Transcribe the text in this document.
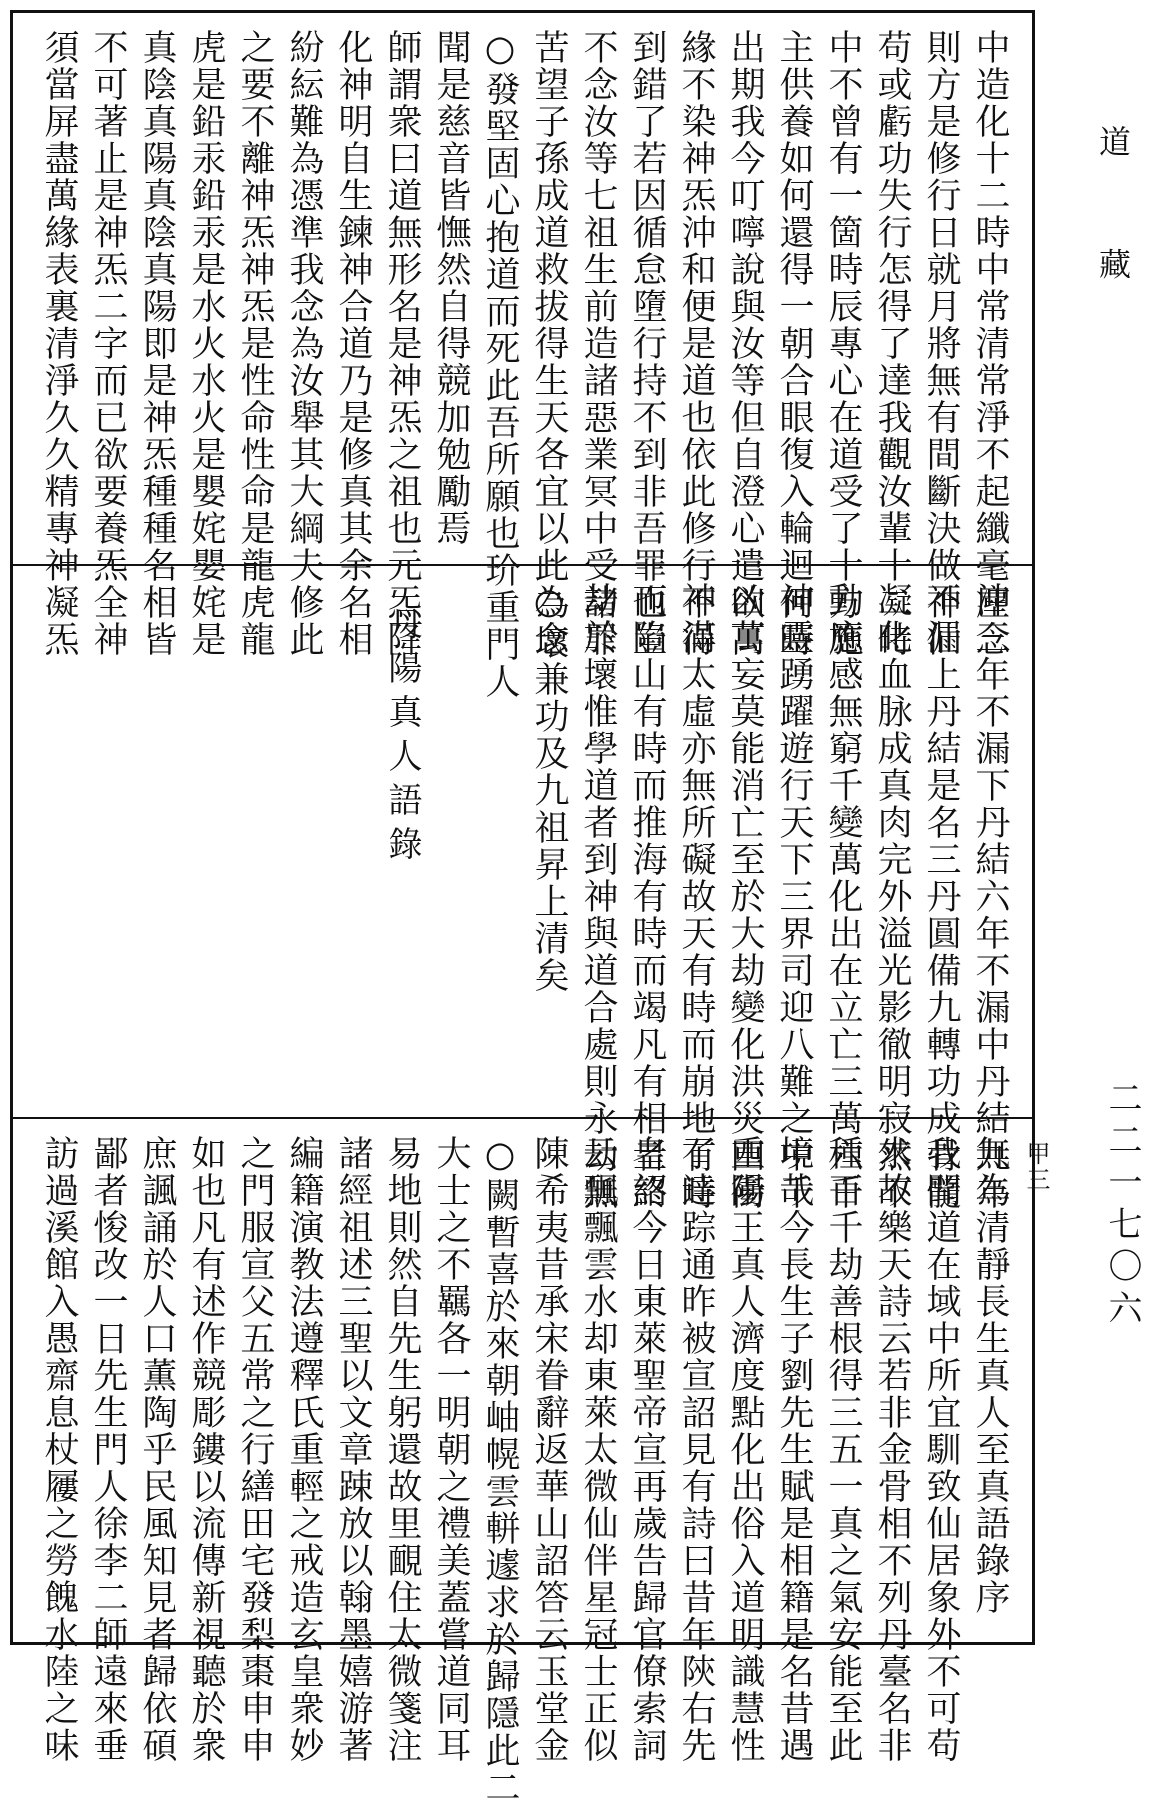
中造化十二時中常清常淨不起纖毫塵念
則方是修行日就月將無有間斷決做神仙
苟或虧功失行怎得了達我觀汝輩十二時
中不曾有一箇時辰專心在道受了十方施
主供養如何還得一朝合眼復入輪迴何時
出期我今叮嚀說與汝等但自澄心遣欲萬
緣不染神炁沖和便是道也依此修行不得
到錯了若因循怠墮行持不到非吾罪也豈
不念汝等七祖生前造諸惡業冥中受諸罪
苦望子孫成道救拔得生天各宜以此為念
○發堅固心抱道而死此吾所願也玠重門人
聞是慈音皆憮然自得競加勉勵焉
師謂衆曰道無形名是神炁之祖也元炁降
化神明自生鍊神合道乃是修真其余名相
紛紜難為憑準我念為汝舉其大綱夫修此
之要不離神炁神炁是性命性命是龍虎龍
虎是鉛汞鉛汞是水火水火是嬰姹嬰姹是
真陰真陽真陰真陽即是神炁種種名相皆
不可著止是神炁二字而已欲要養炁全神
須當屏盡萬緣表裏清淨久久精專神凝炁
沖三年不漏下丹結六年不漏中丹結九年
不漏上丹結是名三丹圓備九轉功成骨髓
凝化血脉成真肉完外溢光影徹明寂然不
動應感無窮千變萬化出在立亡三萬六千
神靈踴躍遊行天下三界司迎八難之中千
凶萬妄莫能消亡至於大劫變化洪災四衝
神滿太虛亦無所礙故天有時而崩地有時
而陷山有時而推海有時而竭凡有相者終
劫於壞惟學道者到神與道合處則永劫無
○壞兼功及九祖昇上清矣
丹陽真人語錄
無為清靜長生真人至真語錄序
我聞道在域中所宜馴致仙居象外不可苟
求故樂天詩云若非金骨相不列丹臺名非
種百千劫善根得三五一真之氣安能至此
境哉今長生子劉先生賦是相籍是名昔遇
重陽王真人濟度點化出俗入道明識慧性
了達踪通昨被宣詔見有詩曰昔年陝右先
皇詔今日東萊聖帝宣再歲告歸官僚索詞
云飄飄雲水却東萊太微仙伴星冠士正似
陳希夷昔承宋眷辭返華山詔答云玉堂金
○闕暫喜於來朝岫幌雲軿遽求於歸隱此二
大士之不羈各一明朝之禮美蓋嘗道同耳
易地則然自先生躬還故里靦住太微箋注
諸經祖述三聖以文章踈放以翰墨嬉游著
編籍演教法遵釋氏重輕之戒造玄皇衆妙
之門服宣父五常之行繕田宅發梨棗申申
如也凡有述作競彫鏤以流傳新視聽於衆
庶諷誦於人口薫陶乎民風知見者歸依碩
鄙者悛改一日先生門人徐李二師遠來垂
訪過溪館入愚齋息杖屨之勞餽水陸之味	甲三
道 藏
二二一七〇六
